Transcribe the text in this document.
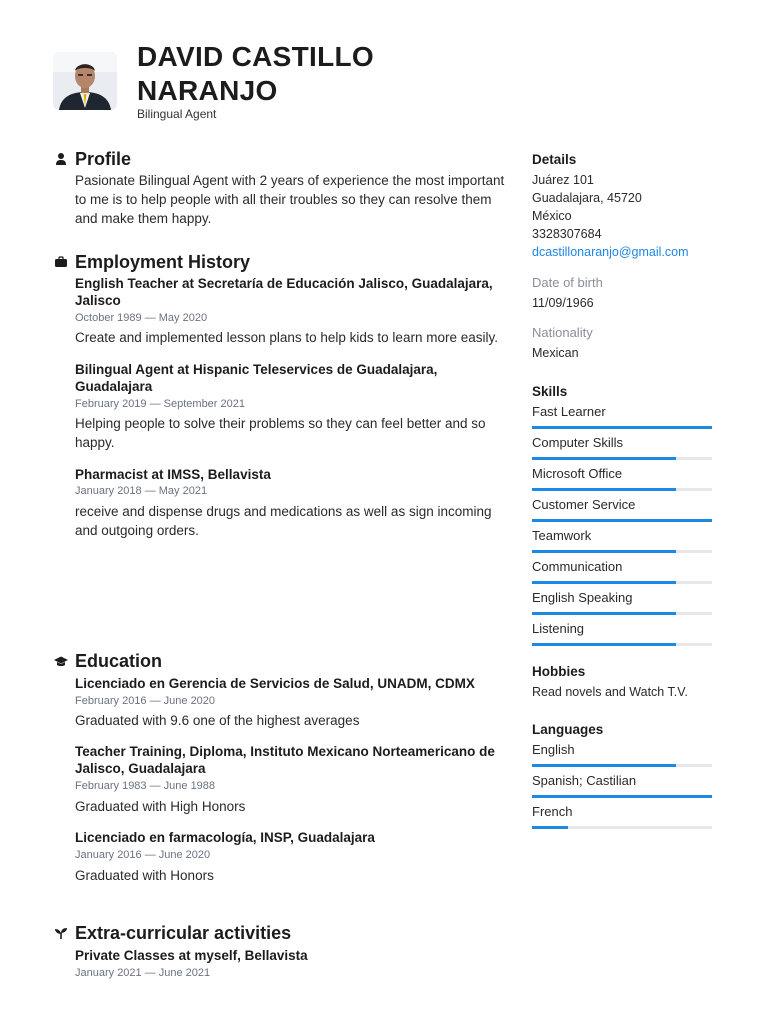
DAVID CASTILLO
NARANJO
Bilingual Agent
Profile
Pasionate Bilingual Agent with 2 years of experience the most important to me is to help people with all their troubles so they can resolve them and make them happy.
Employment History
English Teacher at Secretaría de Educación Jalisco, Guadalajara, Jalisco
October 1989 — May 2020
Create and implemented lesson plans to help kids to learn more easily.
Bilingual Agent at Hispanic Teleservices de Guadalajara, Guadalajara
February 2019 — September 2021
Helping people to solve their problems so they can feel better and so happy.
Pharmacist at IMSS, Bellavista
January 2018 — May 2021
receive and dispense drugs and medications as well as sign incoming and outgoing orders.
Education
Licenciado en Gerencia de Servicios de Salud, UNADM, CDMX
February 2016 — June 2020
Graduated with 9.6 one of the highest averages
Teacher Training, Diploma, Instituto Mexicano Norteamericano de Jalisco, Guadalajara
February 1983 — June 1988
Graduated with High Honors
Licenciado en farmacología, INSP, Guadalajara
January 2016 — June 2020
Graduated with Honors
Extra-curricular activities
Private Classes at myself, Bellavista
January 2021 — June 2021
Details
Juárez 101
Guadalajara, 45720
México
3328307684
dcastillonaranjo@gmail.com
Date of birth
11/09/1966
Nationality
Mexican
Skills
Fast Learner
Computer Skills
Microsoft Office
Customer Service
Teamwork
Communication
English Speaking
Listening
Hobbies
Read novels and Watch T.V.
Languages
English
Spanish; Castilian
French
